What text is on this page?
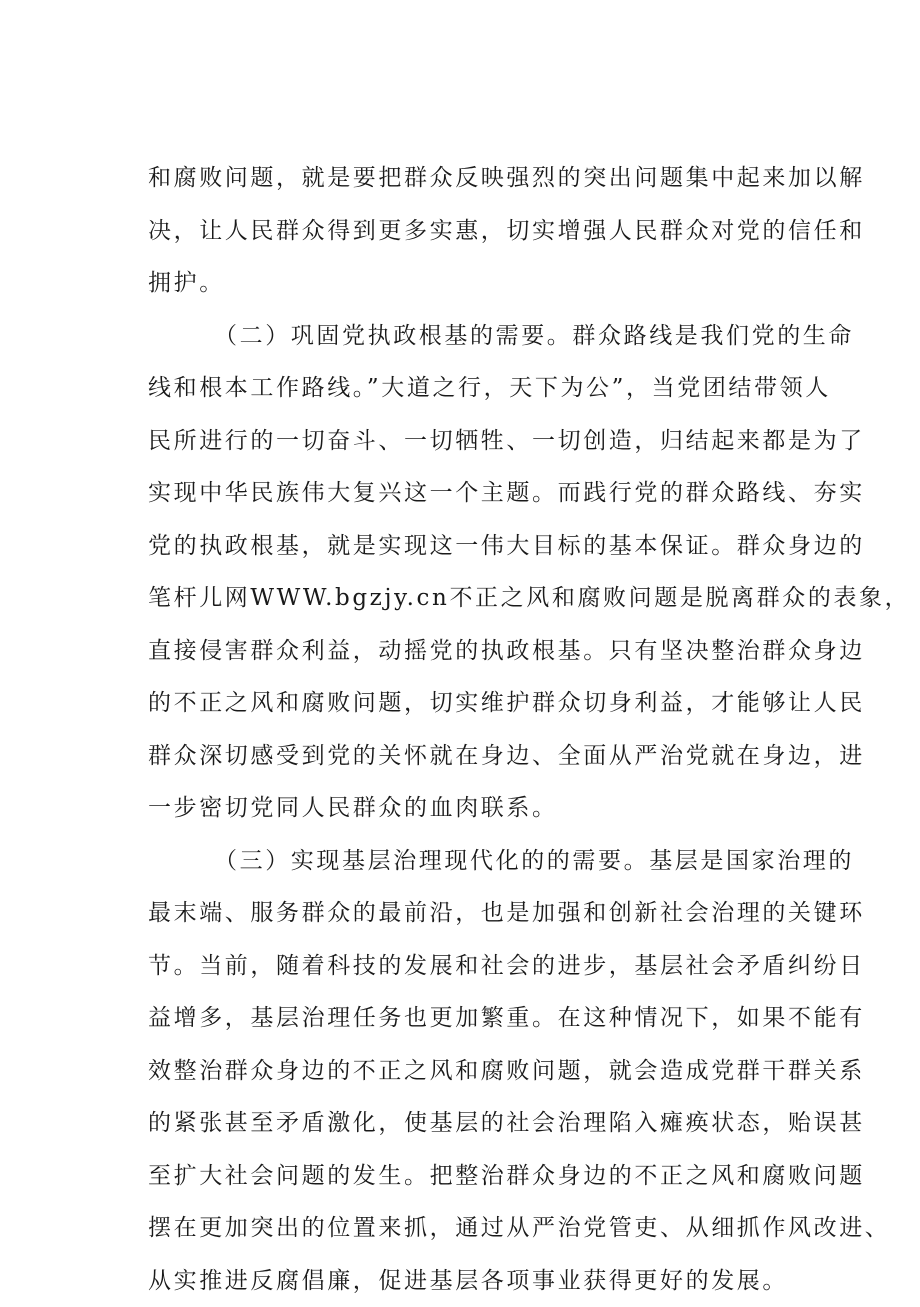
和腐败问题，就是要把群众反映强烈的突出问题集中起来加以解
决，让人民群众得到更多实惠，切实增强人民群众对党的信任和
拥护。
（二）巩固党执政根基的需要。群众路线是我们党的生命
线和根本工作路线。”大道之行，天下为公”，当党团结带领人
民所进行的一切奋斗、一切牺牲、一切创造，归结起来都是为了
实现中华民族伟大复兴这一个主题。而践行党的群众路线、夯实
党的执政根基，就是实现这一伟大目标的基本保证。群众身边的
笔杆儿网WWW.bgzjy.cn不正之风和腐败问题是脱离群众的表象，
直接侵害群众利益，动摇党的执政根基。只有坚决整治群众身边
的不正之风和腐败问题，切实维护群众切身利益，才能够让人民
群众深切感受到党的关怀就在身边、全面从严治党就在身边，进
一步密切党同人民群众的血肉联系。
（三）实现基层治理现代化的的需要。基层是国家治理的
最末端、服务群众的最前沿，也是加强和创新社会治理的关键环
节。当前，随着科技的发展和社会的进步，基层社会矛盾纠纷日
益增多，基层治理任务也更加繁重。在这种情况下，如果不能有
效整治群众身边的不正之风和腐败问题，就会造成党群干群关系
的紧张甚至矛盾激化，使基层的社会治理陷入瘫痪状态，贻误甚
至扩大社会问题的发生。把整治群众身边的不正之风和腐败问题
摆在更加突出的位置来抓，通过从严治党管吏、从细抓作风改进、
从实推进反腐倡廉，促进基层各项事业获得更好的发展。
